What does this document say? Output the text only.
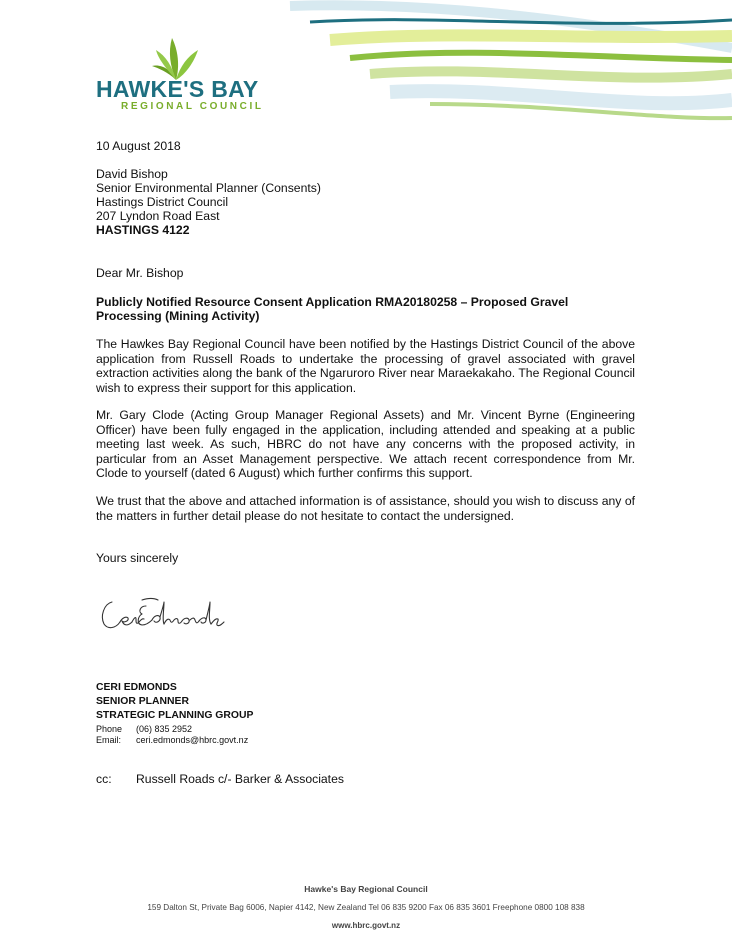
HAWKE'S BAY
REGIONAL COUNCIL
10 August 2018
David Bishop
Senior Environmental Planner (Consents)
Hastings District Council
207 Lyndon Road East
HASTINGS 4122
Dear Mr. Bishop
Publicly Notified Resource Consent Application RMA20180258 – Proposed Gravel
Processing (Mining Activity)
The Hawkes Bay Regional Council have been notified by the Hastings District Council of the above application from Russell Roads to undertake the processing of gravel associated with gravel extraction activities along the bank of the Ngaruroro River near Maraekakaho. The Regional Council wish to express their support for this application.
Mr. Gary Clode (Acting Group Manager Regional Assets) and Mr. Vincent Byrne (Engineering Officer) have been fully engaged in the application, including attended and speaking at a public meeting last week. As such, HBRC do not have any concerns with the proposed activity, in particular from an Asset Management perspective. We attach recent correspondence from Mr. Clode to yourself (dated 6 August) which further confirms this support.
We trust that the above and attached information is of assistance, should you wish to discuss any of the matters in further detail please do not hesitate to contact the undersigned.
Yours sincerely
CERI EDMONDS
SENIOR PLANNER
STRATEGIC PLANNING GROUP
Phone (06) 835 2952
Email: ceri.edmonds@hbrc.govt.nz
cc: Russell Roads c/- Barker & Associates
Hawke's Bay Regional Council
159 Dalton St, Private Bag 6006, Napier 4142, New Zealand Tel 06 835 9200 Fax 06 835 3601 Freephone 0800 108 838
www.hbrc.govt.nz
